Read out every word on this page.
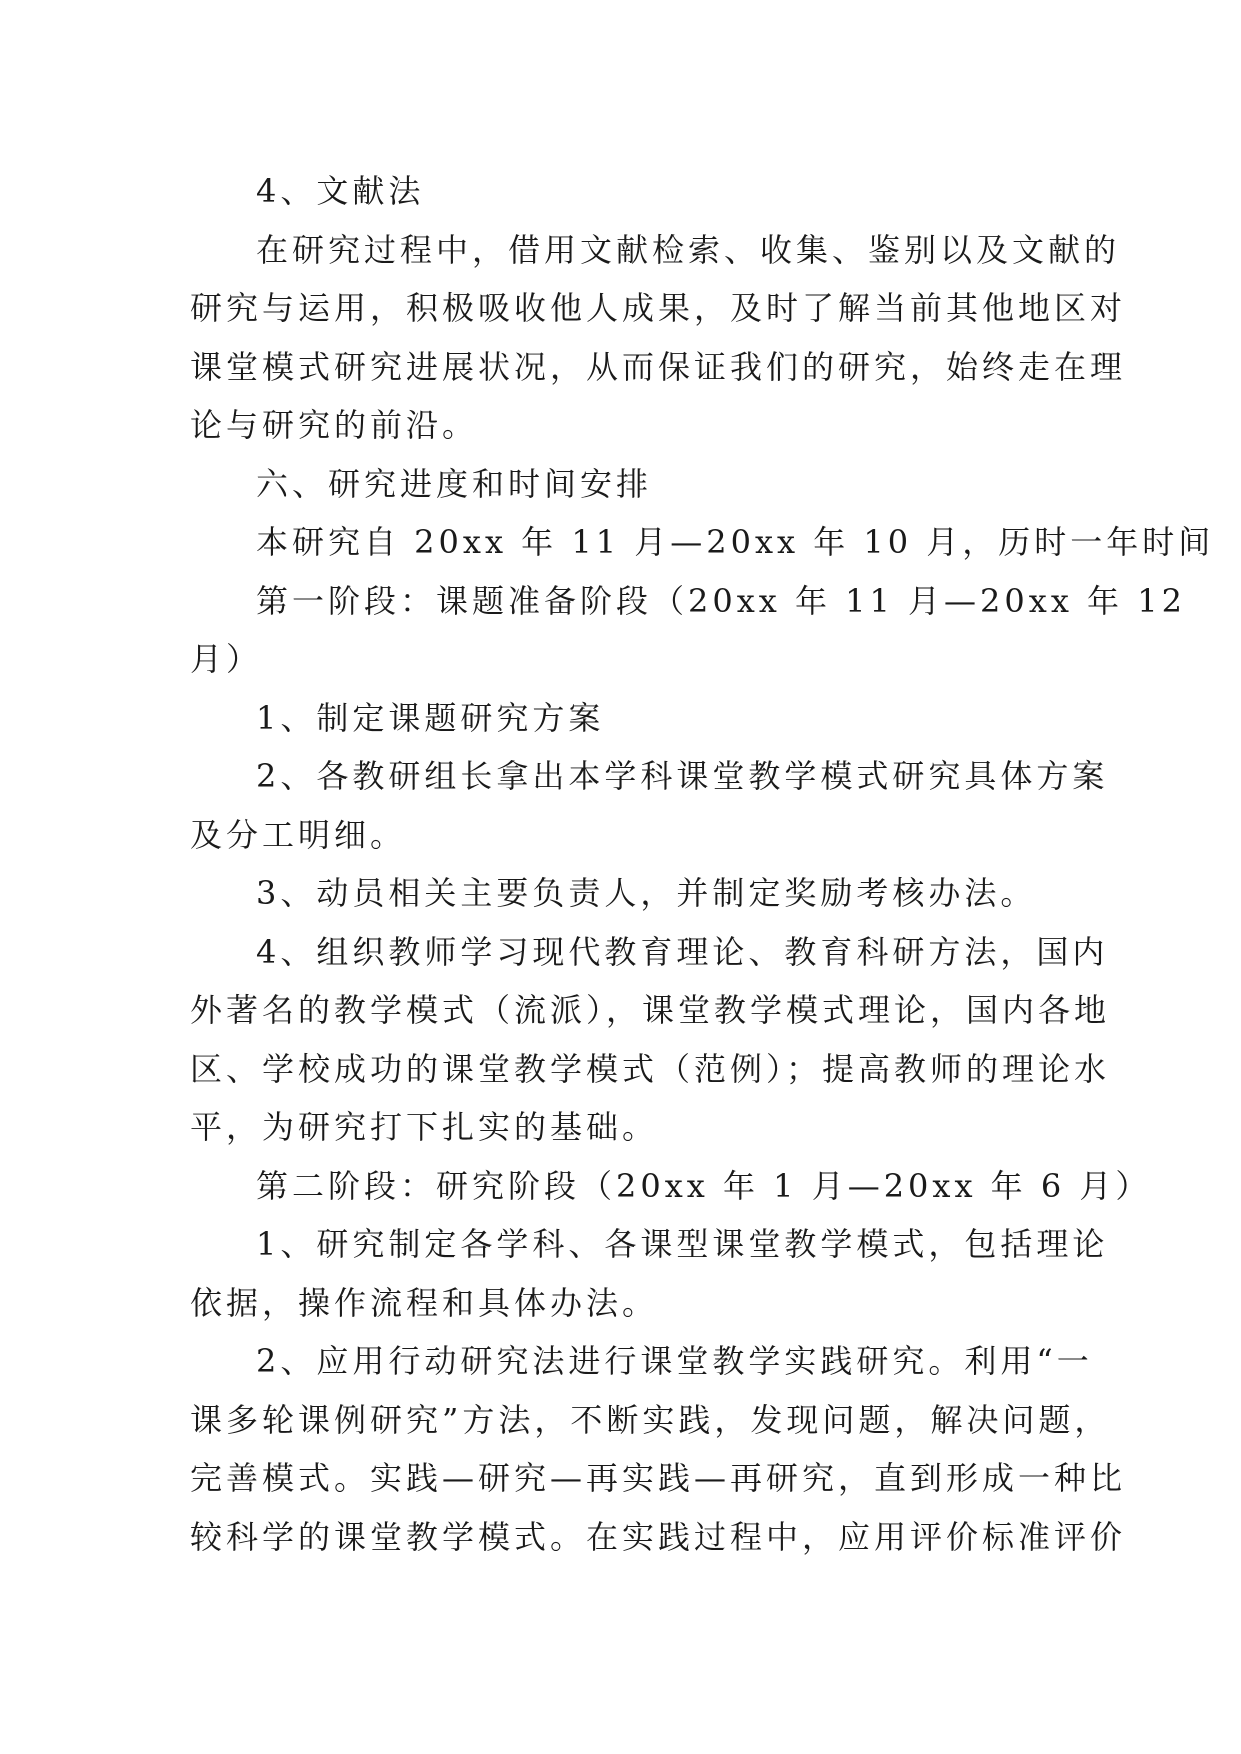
4、文献法
在研究过程中，借用文献检索、收集、鉴别以及文献的
研究与运用，积极吸收他人成果，及时了解当前其他地区对
课堂模式研究进展状况，从而保证我们的研究，始终走在理
论与研究的前沿。
六、研究进度和时间安排
本研究自 20xx 年 11 月—20xx 年 10 月，历时一年时间
第一阶段：课题准备阶段（20xx 年 11 月—20xx 年 12
月）
1、制定课题研究方案
2、各教研组长拿出本学科课堂教学模式研究具体方案
及分工明细。
3、动员相关主要负责人，并制定奖励考核办法。
4、组织教师学习现代教育理论、教育科研方法，国内
外著名的教学模式（流派），课堂教学模式理论，国内各地
区、学校成功的课堂教学模式（范例）；提高教师的理论水
平，为研究打下扎实的基础。
第二阶段：研究阶段（20xx 年 1 月—20xx 年 6 月）
1、研究制定各学科、各课型课堂教学模式，包括理论
依据，操作流程和具体办法。
2、应用行动研究法进行课堂教学实践研究。利用“一
课多轮课例研究”方法，不断实践，发现问题，解决问题，
完善模式。实践—研究—再实践—再研究，直到形成一种比
较科学的课堂教学模式。在实践过程中，应用评价标准评价
